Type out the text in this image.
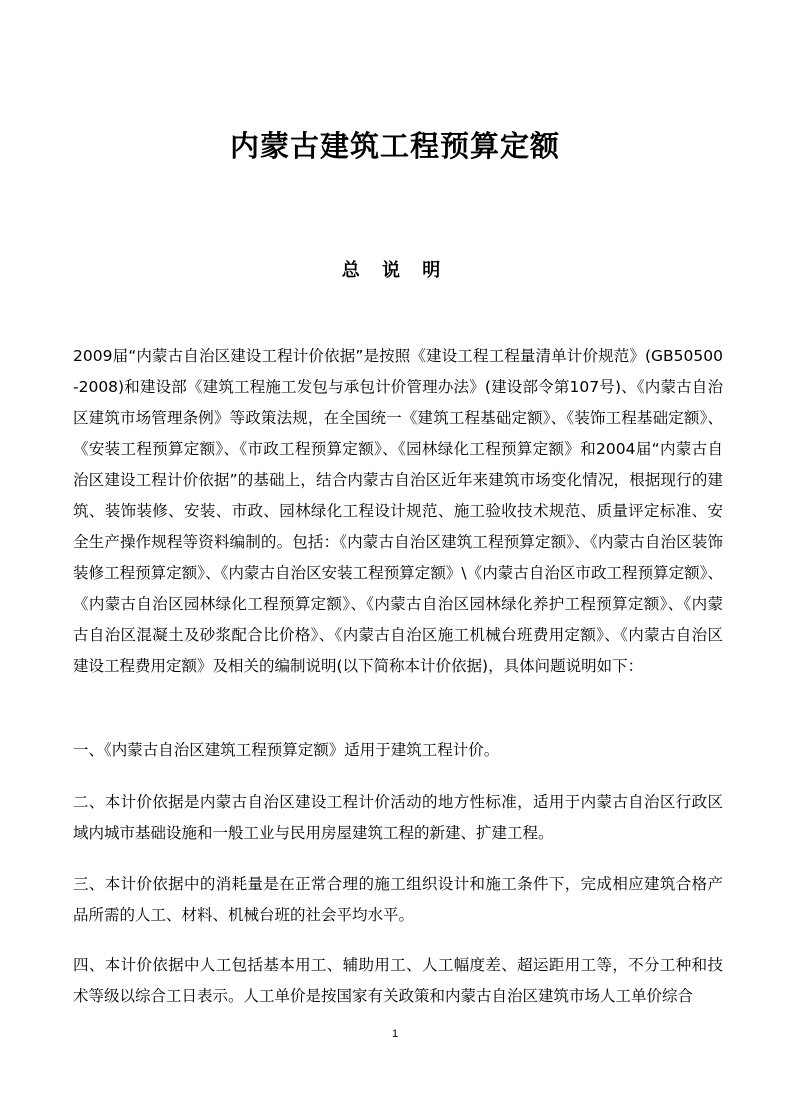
内蒙古建筑工程预算定额
总 说 明

2009届“内蒙古自治区建设工程计价依据”是按照《建设工程工程量清单计价规范》(GB50500-2008)和建设部《建筑工程施工发包与承包计价管理办法》(建设部令第107号)、《内蒙古自治区建筑市场管理条例》等政策法规，在全国统一《建筑工程基础定额》、《装饰工程基础定额》、《安装工程预算定额》、《市政工程预算定额》、《园林绿化工程预算定额》和2004届“内蒙古自治区建设工程计价依据”的基础上，结合内蒙古自治区近年来建筑市场变化情况，根据现行的建筑、装饰装修、安装、市政、园林绿化工程设计规范、施工验收技术规范、质量评定标准、安全生产操作规程等资料编制的。包括：《内蒙古自治区建筑工程预算定额》、《内蒙古自治区装饰装修工程预算定额》、《内蒙古自治区安装工程预算定额》\《内蒙古自治区市政工程预算定额》、《内蒙古自治区园林绿化工程预算定额》、《内蒙古自治区园林绿化养护工程预算定额》、《内蒙古自治区混凝土及砂浆配合比价格》、《内蒙古自治区施工机械台班费用定额》、《内蒙古自治区建设工程费用定额》及相关的编制说明(以下简称本计价依据)，具体问题说明如下：

一、《内蒙古自治区建筑工程预算定额》适用于建筑工程计价。

二、本计价依据是内蒙古自治区建设工程计价活动的地方性标准，适用于内蒙古自治区行政区域内城市基础设施和一般工业与民用房屋建筑工程的新建、扩建工程。

三、本计价依据中的消耗量是在正常合理的施工组织设计和施工条件下，完成相应建筑合格产品所需的人工、材料、机械台班的社会平均水平。

四、本计价依据中人工包括基本用工、辅助用工、人工幅度差、超运距用工等，不分工种和技术等级以综合工日表示。人工单价是按国家有关政策和内蒙古自治区建筑市场人工单价综合

1
